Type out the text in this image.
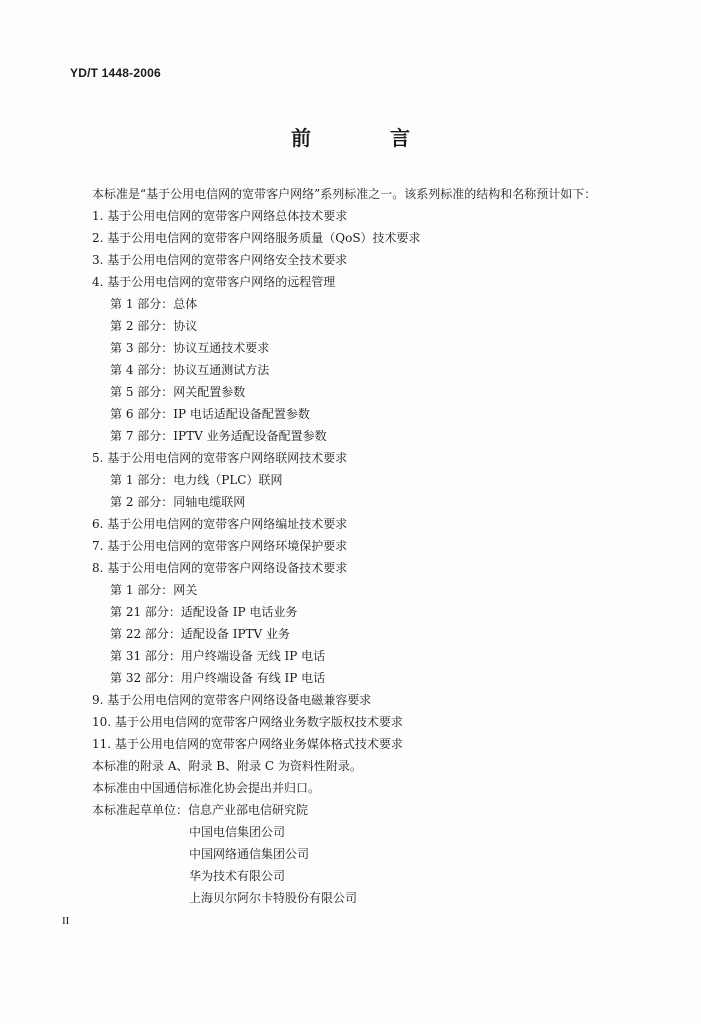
YD/T 1448-2006
前 言
本标准是“基于公用电信网的宽带客户网络”系列标准之一。该系列标准的结构和名称预计如下：
1. 基于公用电信网的宽带客户网络总体技术要求
2. 基于公用电信网的宽带客户网络服务质量（QoS）技术要求
3. 基于公用电信网的宽带客户网络安全技术要求
4. 基于公用电信网的宽带客户网络的远程管理
第 1 部分：总体
第 2 部分：协议
第 3 部分：协议互通技术要求
第 4 部分：协议互通测试方法
第 5 部分：网关配置参数
第 6 部分：IP 电话适配设备配置参数
第 7 部分：IPTV 业务适配设备配置参数
5. 基于公用电信网的宽带客户网络联网技术要求
第 1 部分：电力线（PLC）联网
第 2 部分：同轴电缆联网
6. 基于公用电信网的宽带客户网络编址技术要求
7. 基于公用电信网的宽带客户网络环境保护要求
8. 基于公用电信网的宽带客户网络设备技术要求
第 1 部分：网关
第 21 部分：适配设备 IP 电话业务
第 22 部分：适配设备 IPTV 业务
第 31 部分：用户终端设备 无线 IP 电话
第 32 部分：用户终端设备 有线 IP 电话
9. 基于公用电信网的宽带客户网络设备电磁兼容要求
10. 基于公用电信网的宽带客户网络业务数字版权技术要求
11. 基于公用电信网的宽带客户网络业务媒体格式技术要求
本标准的附录 A、附录 B、附录 C 为资料性附录。
本标准由中国通信标准化协会提出并归口。
本标准起草单位：信息产业部电信研究院
中国电信集团公司
中国网络通信集团公司
华为技术有限公司
上海贝尔阿尔卡特股份有限公司
II
